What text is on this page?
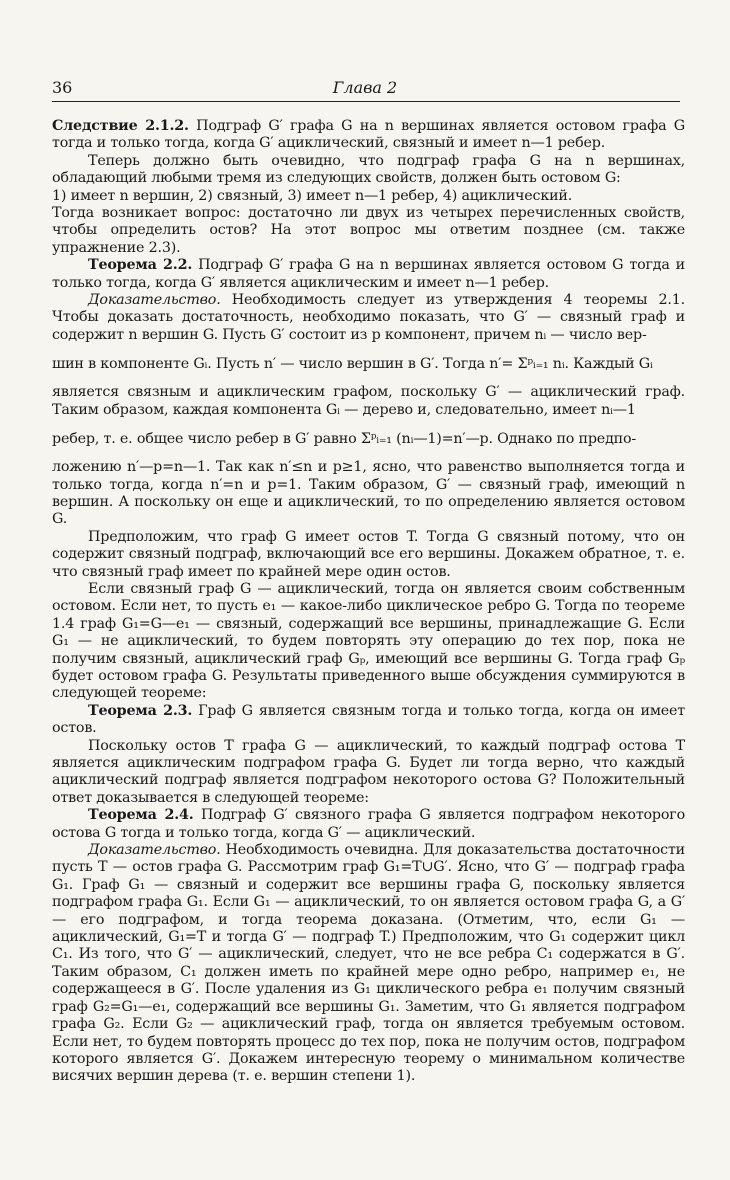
36	Глава 2

Следствие 2.1.2. Подграф G′ графа G на n вершинах является остовом графа G тогда и только тогда, когда G′ ациклический, связный и имеет n—1 ребер.

Теперь должно быть очевидно, что подграф графа G на n вершинах, обладающий любыми тремя из следующих свойств, должен быть остовом G:

1) имеет n вершин, 2) связный, 3) имеет n—1 ребер, 4) ациклический.

Тогда возникает вопрос: достаточно ли двух из четырех перечисленных свойств, чтобы определить остов? На этот вопрос мы ответим позднее (см. также упражнение 2.3).

Теорема 2.2. Подграф G′ графа G на n вершинах является остовом G тогда и только тогда, когда G′ является ациклическим и имеет n—1 ребер.

Доказательство. Необходимость следует из утверждения 4 теоремы 2.1. Чтобы доказать достаточность, необходимо показать, что G′ — связный граф и содержит n вершин G. Пусть G′ состоит из p компонент, причем nᵢ — число вер-

шин в компоненте Gᵢ. Пусть n′ — число вершин в G′. Тогда n′= Σᵖᵢ₌₁ nᵢ. Каждый Gᵢ

является связным и ациклическим графом, поскольку G′ — ациклический граф. Таким образом, каждая компонента Gᵢ — дерево и, следовательно, имеет nᵢ—1

ребер, т. е. общее число ребер в G′ равно Σᵖᵢ₌₁ (nᵢ—1)=n′—p. Однако по предпо-

ложению n′—p=n—1. Так как n′≤n и p≥1, ясно, что равенство выполняется тогда и только тогда, когда n′=n и p=1. Таким образом, G′ — связный граф, имеющий n вершин. А поскольку он еще и ациклический, то по определению является остовом G.

Предположим, что граф G имеет остов T. Тогда G связный потому, что он содержит связный подграф, включающий все его вершины. Докажем обратное, т. е. что связный граф имеет по крайней мере один остов.

Если связный граф G — ациклический, тогда он является своим собственным остовом. Если нет, то пусть e₁ — какое-либо циклическое ребро G. Тогда по теореме 1.4 граф G₁=G—e₁ — связный, содержащий все вершины, принадлежащие G. Если G₁ — не ациклический, то будем повторять эту операцию до тех пор, пока не получим связный, ациклический граф Gₚ, имеющий все вершины G. Тогда граф Gₚ будет остовом графа G. Результаты приведенного выше обсуждения суммируются в следующей теореме:

Теорема 2.3. Граф G является связным тогда и только тогда, когда он имеет остов.

Поскольку остов T графа G — ациклический, то каждый подграф остова T является ациклическим подграфом графа G. Будет ли тогда верно, что каждый ациклический подграф является подграфом некоторого остова G? Положительный ответ доказывается в следующей теореме:

Теорема 2.4. Подграф G′ связного графа G является подграфом некоторого остова G тогда и только тогда, когда G′ — ациклический.

Доказательство. Необходимость очевидна. Для доказательства достаточности пусть T — остов графа G. Рассмотрим граф G₁=T∪G′. Ясно, что G′ — подграф графа G₁. Граф G₁ — связный и содержит все вершины графа G, поскольку является подграфом графа G₁. Если G₁ — ациклический, то он является остовом графа G, а G′ — его подграфом, и тогда теорема доказана. (Отметим, что, если G₁ — ациклический, G₁=T и тогда G′ — подграф T.) Предположим, что G₁ содержит цикл C₁. Из того, что G′ — ациклический, следует, что не все ребра C₁ содержатся в G′. Таким образом, C₁ должен иметь по крайней мере одно ребро, например e₁, не содержащееся в G′. После удаления из G₁ циклического ребра e₁ получим связный граф G₂=G₁—e₁, содержащий все вершины G₁. Заметим, что G₁ является подграфом графа G₂. Если G₂ — ациклический граф, тогда он является требуемым остовом. Если нет, то будем повторять процесс до тех пор, пока не получим остов, подграфом которого является G′. Докажем интересную теорему о минимальном количестве висячих вершин дерева (т. е. вершин степени 1).
